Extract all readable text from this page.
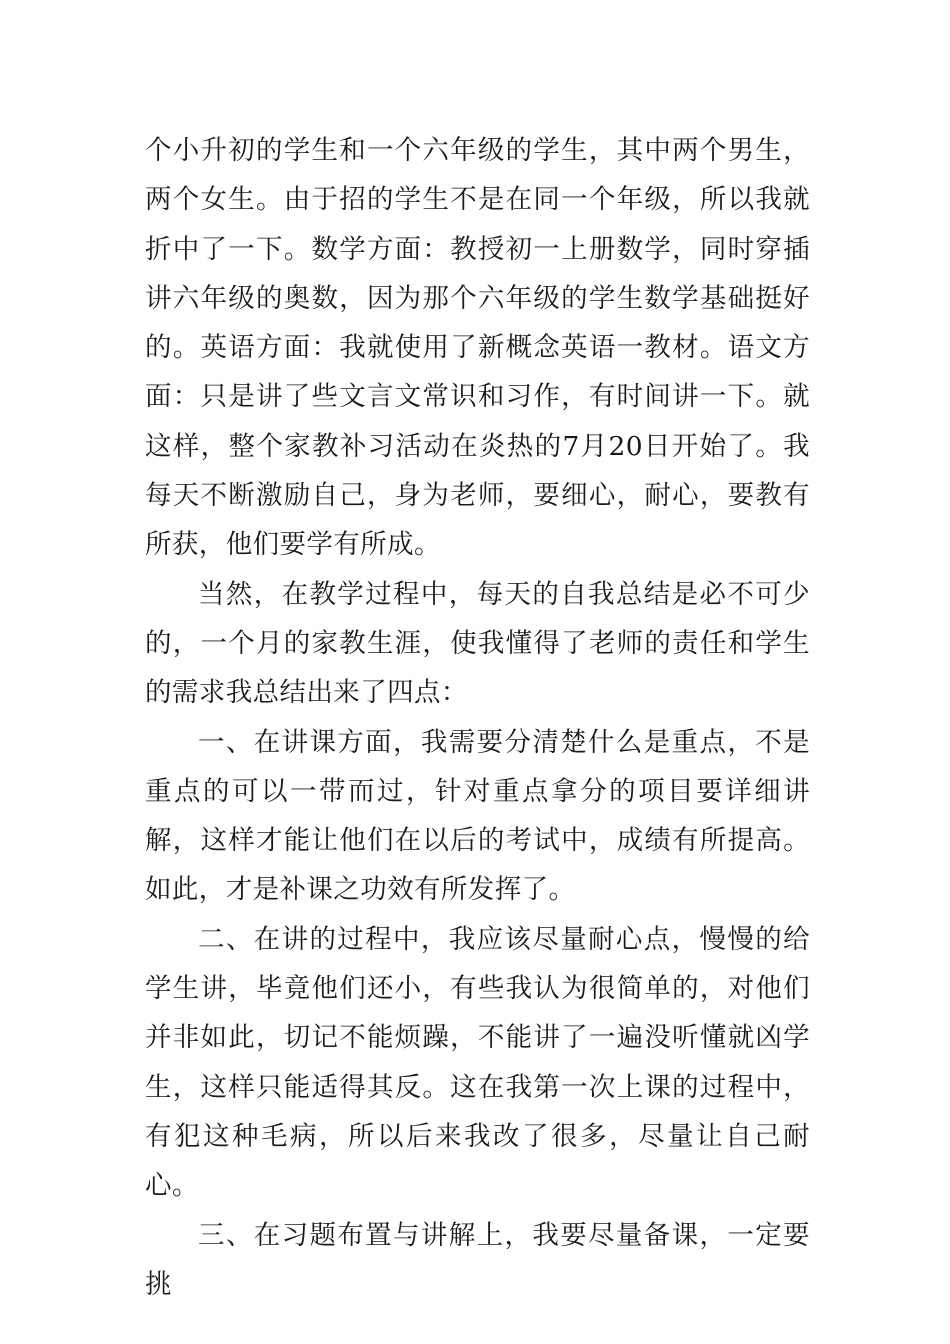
个小升初的学生和一个六年级的学生，其中两个男生，两个女生。由于招的学生不是在同一个年级，所以我就折中了一下。数学方面：教授初一上册数学，同时穿插讲六年级的奥数，因为那个六年级的学生数学基础挺好的。英语方面：我就使用了新概念英语一教材。语文方面：只是讲了些文言文常识和习作，有时间讲一下。就这样，整个家教补习活动在炎热的7月20日开始了。我每天不断激励自己，身为老师，要细心，耐心，要教有所获，他们要学有所成。

当然，在教学过程中，每天的自我总结是必不可少的，一个月的家教生涯，使我懂得了老师的责任和学生的需求我总结出来了四点：

一、在讲课方面，我需要分清楚什么是重点，不是重点的可以一带而过，针对重点拿分的项目要详细讲解，这样才能让他们在以后的考试中，成绩有所提高。如此，才是补课之功效有所发挥了。

二、在讲的过程中，我应该尽量耐心点，慢慢的给学生讲，毕竟他们还小，有些我认为很简单的，对他们并非如此，切记不能烦躁，不能讲了一遍没听懂就凶学生，这样只能适得其反。这在我第一次上课的过程中，有犯这种毛病，所以后来我改了很多，尽量让自己耐心。

三、在习题布置与讲解上，我要尽量备课，一定要挑
